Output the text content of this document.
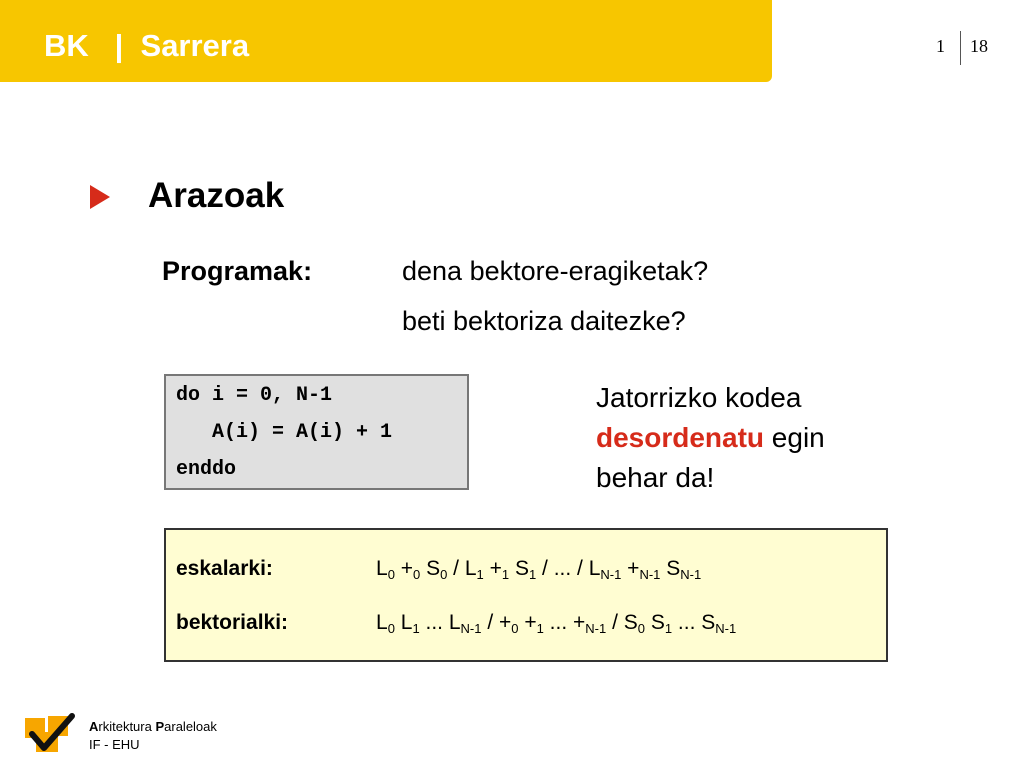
BK   |  Sarrera	1 18
Arazoak
Programak:	dena bektore-eragiketak?
beti bektoriza daitezke?
do i = 0, N-1
A(i) = A(i) + 1
enddo
Jatorrizko kodea
desordenatu egin
behar da!
eskalarki:	$L_0 +_0$ $S_0 / L_1 +_1$ $S_1$ / ... / $L_{N-1} +_{N-1}$ $S_{N-1}$
bektorialki:	$L_0$ $L_1$ ... $L_{N-1} / +_0 +_1$ ... $+_{N-1} / S_0$ $S_1$ ... $S_{N-1}$
Arkitektura Paraleloak
IF - EHU
